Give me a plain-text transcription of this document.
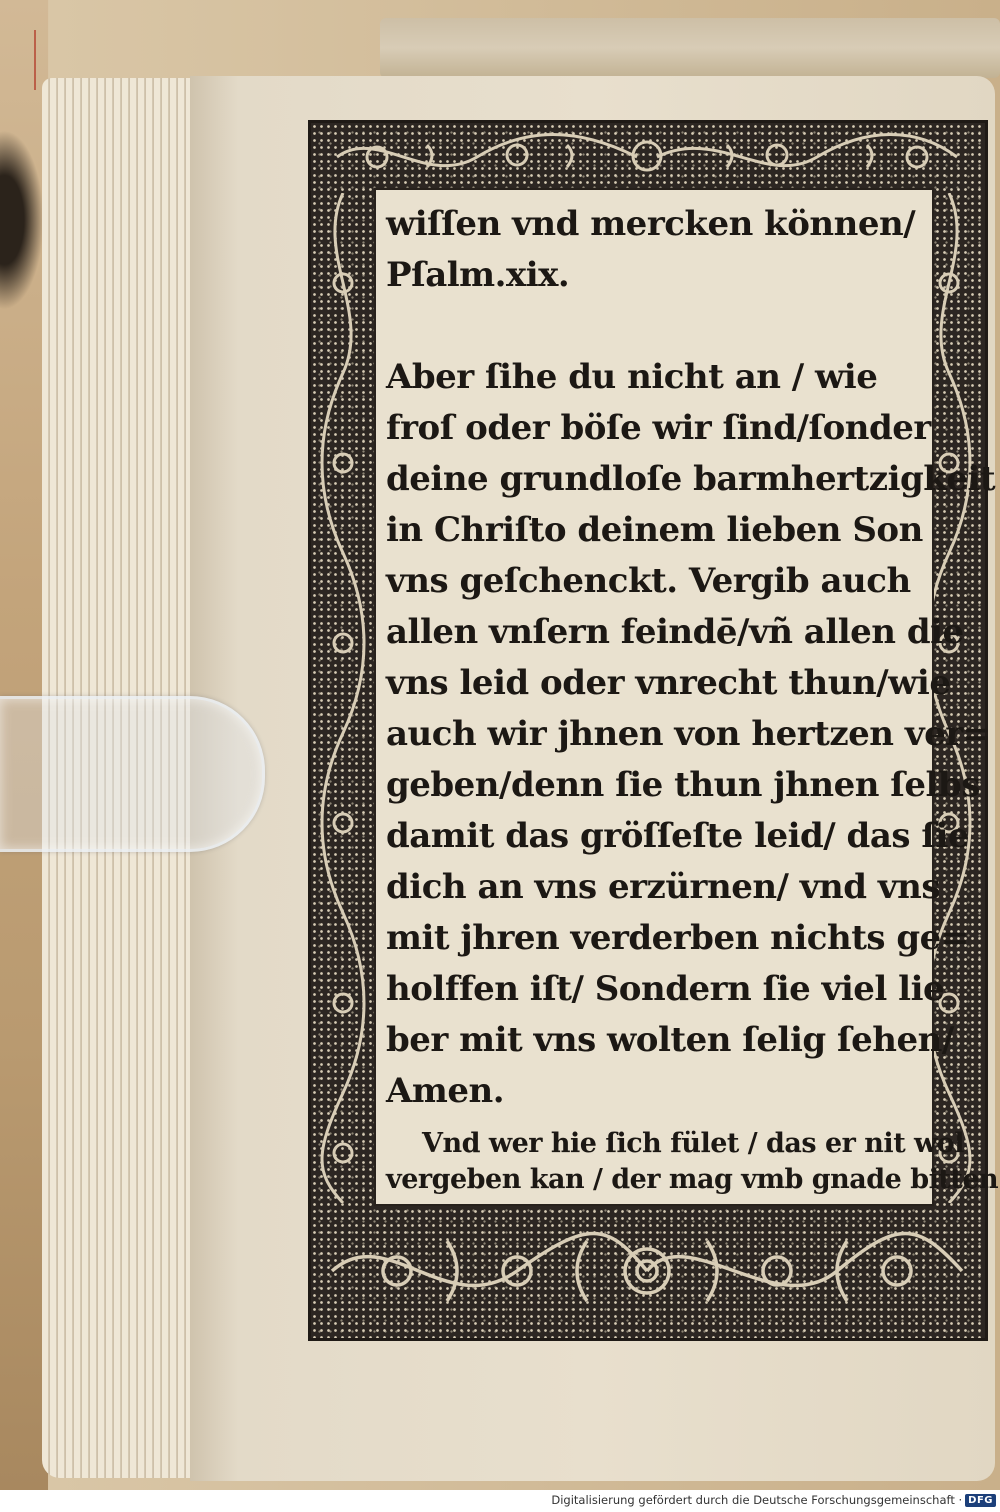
wiſſen vnd mercken können/
Pſalm.xix.
Aber ſihe du nicht an / wie
froſ oder böſe wir ſind/ſonder
deine grundloſe barmhertzigkeit
in Chriſto deinem lieben Son
vns geſchenckt. Vergib auch
allen vnſern feindē/vñ allen die
vns leid oder vnrecht thun/wie
auch wir jhnen von hertzen ver=
geben/denn ſie thun jhnen ſelbs
damit das gröſſeſte leid/ das ſie
dich an vns erzürnen/ vnd vns
mit jhren verderben nichts ge=
holffen iſt/ Sondern ſie viel lie
ber mit vns wolten ſelig ſehen/
Amen.
Vnd wer hie ſich fület / das er nit wol
vergeben kan / der mag vmb gnade bitten
Digitalisierung gefördert durch die Deutsche Forschungsgemeinschaft · DFG
